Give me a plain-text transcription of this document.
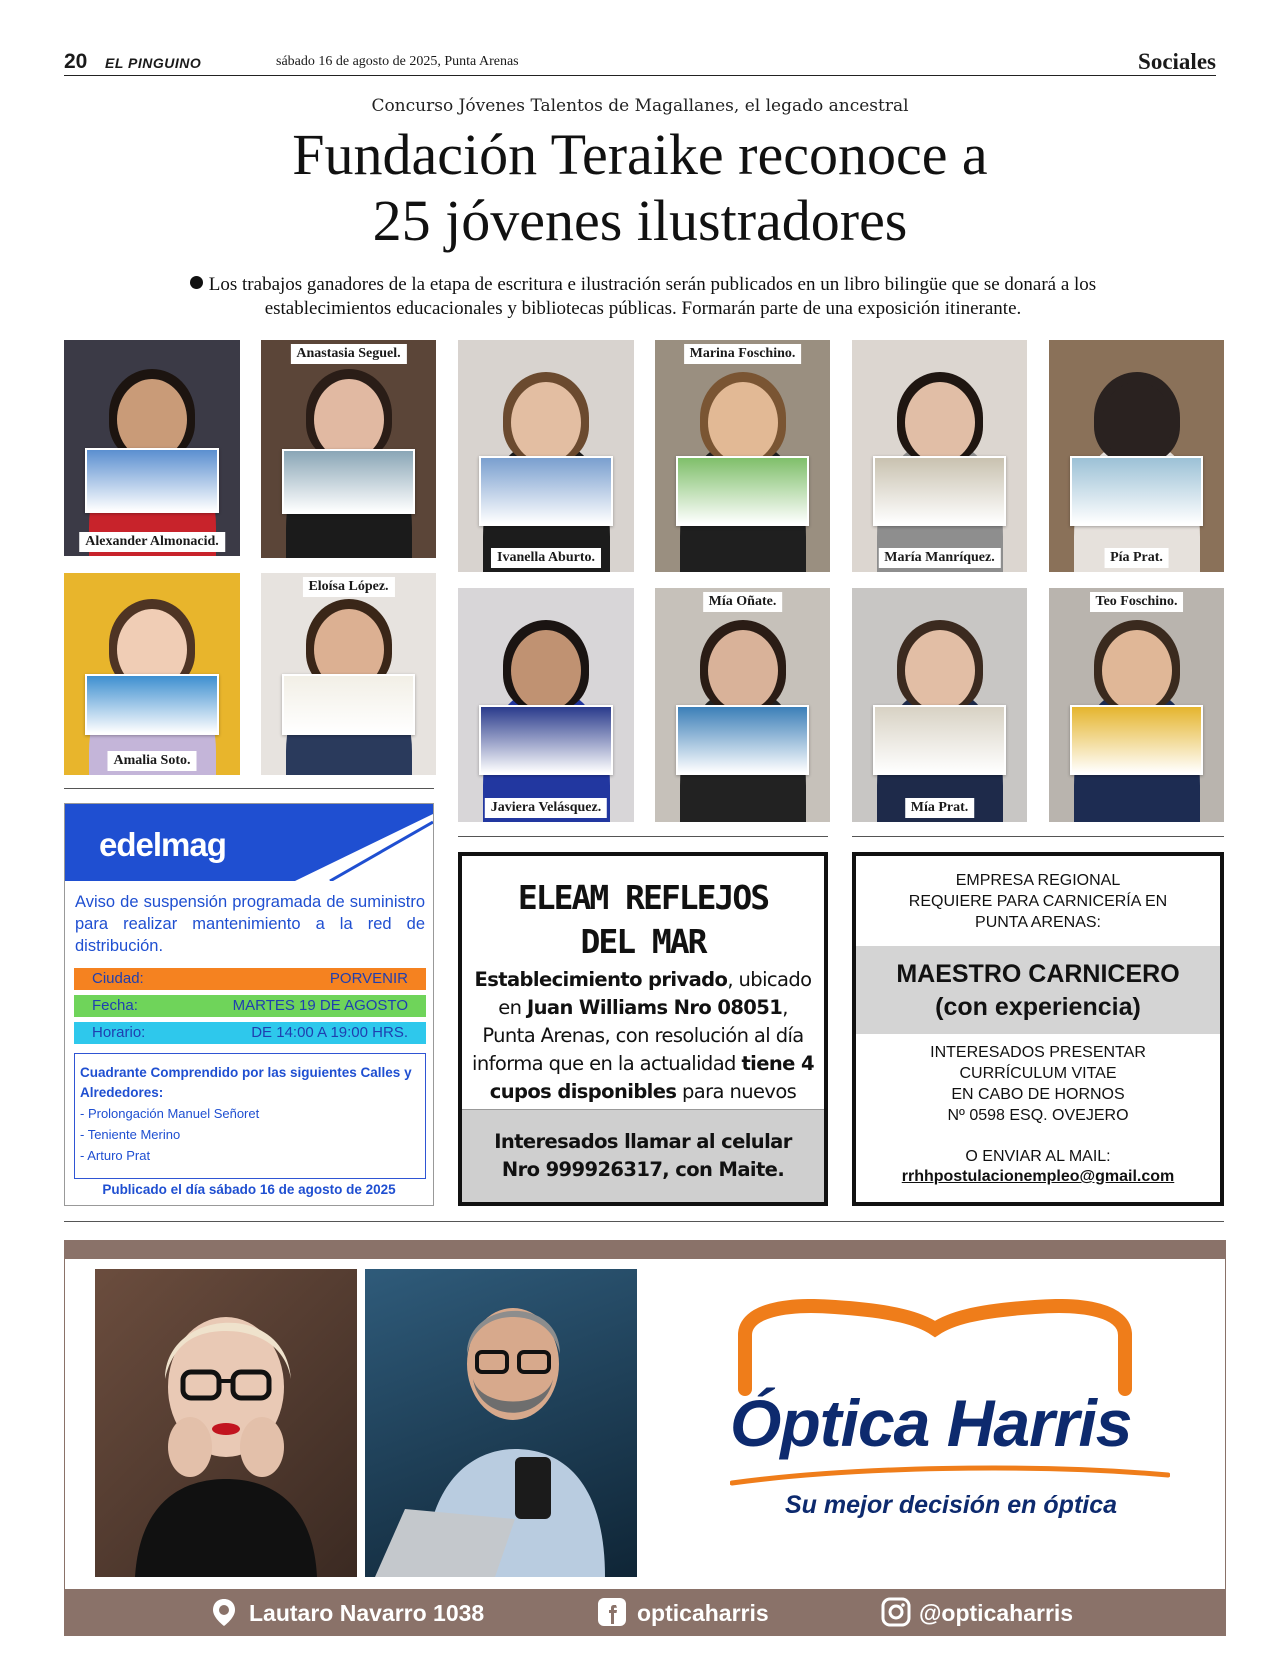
20 EL PINGUINO	sábado 16 de agosto de 2025, Punta Arenas	Sociales
Concurso Jóvenes Talentos de Magallanes, el legado ancestral
Fundación Teraike reconoce a
25 jóvenes ilustradores
Los trabajos ganadores de la etapa de escritura e ilustración serán publicados en un libro bilingüe que se donará a los
establecimientos educacionales y bibliotecas públicas. Formarán parte de una exposición itinerante.
Alexander Almonacid.
Anastasia Seguel.
Ivanella Aburto.
Marina Foschino.
María Manríquez.	Pía Prat.
Amalia Soto.
Eloísa López.
Javiera Velásquez.
Mía Oñate.
Mía Prat.
Teo Foschino.
edelmag
Aviso de suspensión programada de suministro para realizar mantenimiento a la red de distribución.
Ciudad:	PORVENIR
Fecha:	MARTES 19 DE AGOSTO
Horario:	DE 14:00 A 19:00 HRS.
Cuadrante Comprendido por las siguientes Calles y Alrededores:
- Prolongación Manuel Señoret
- Teniente Merino
- Arturo Prat
Publicado el día sábado 16 de agosto de 2025
ELEAM REFLEJOS
DEL MAR
Establecimiento privado, ubicado en Juan Williams Nro 08051, Punta Arenas, con resolución al día informa que en la actualidad tiene 4 cupos disponibles para nuevos
Interesados llamar al celular
Nro 999926317, con Maite.
EMPRESA REGIONAL
REQUIERE PARA CARNICERÍA EN
PUNTA ARENAS:
MAESTRO CARNICERO
(con experiencia)
INTERESADOS PRESENTAR
CURRÍCULUM VITAE
EN CABO DE HORNOS
Nº 0598 ESQ. OVEJERO
O ENVIAR AL MAIL:
rrhhpostulacionempleo@gmail.com
Óptica Harris
Su mejor decisión en óptica
Lautaro Navarro 1038	opticaharris	@opticaharris
